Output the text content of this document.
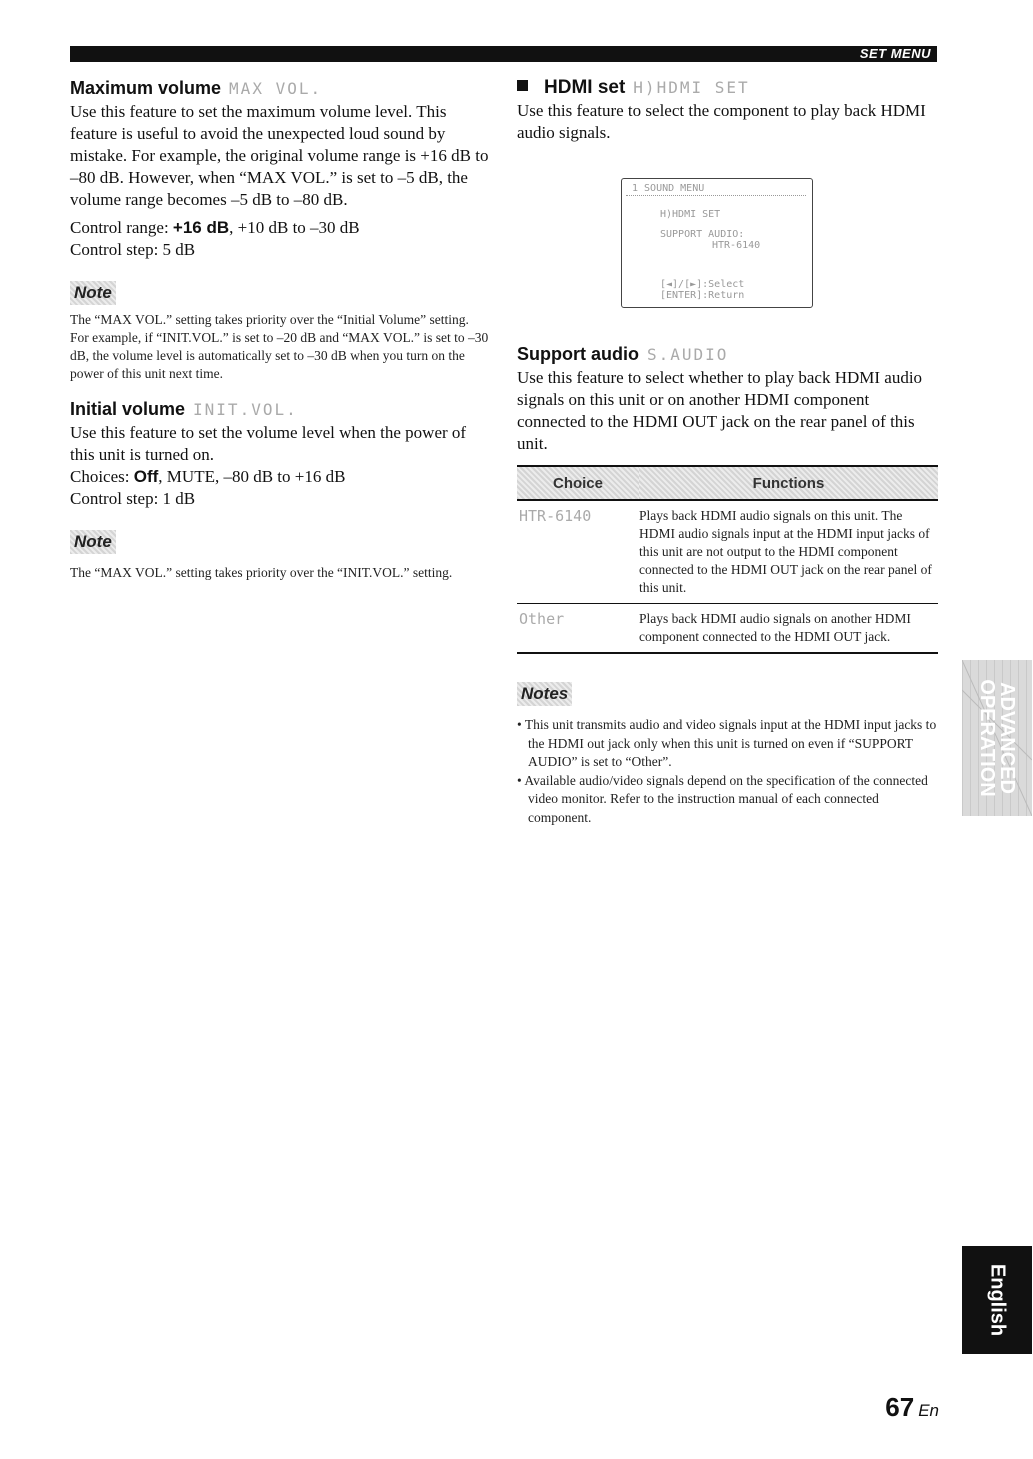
SET MENU
Maximum volume MAX VOL.

Use this feature to set the maximum volume level. This feature is useful to avoid the unexpected loud sound by mistake. For example, the original volume range is +16 dB to –80 dB. However, when “MAX VOL.” is set to –5 dB, the volume range becomes –5 dB to –80 dB.

Control range: +16 dB, +10 dB to –30 dB

Control step: 5 dB

Note

The “MAX VOL.” setting takes priority over the “Initial Volume” setting. For example, if “INIT.VOL.” is set to –20 dB and “MAX VOL.” is set to –30 dB, the volume level is automatically set to –30 dB when you turn on the power of this unit next time.

Initial volume INIT.VOL.

Use this feature to set the volume level when the power of this unit is turned on.

Choices: Off, MUTE, –80 dB to +16 dB

Control step: 1 dB

Note

The “MAX VOL.” setting takes priority over the “INIT.VOL.” setting.

HDMI set H)HDMI SET

Use this feature to select the component to play back HDMI audio signals.

1 SOUND MENU
H)HDMI SET
SUPPORT AUDIO:
HTR-6140
[◄]/[►]:Select
[ENTER]:Return
Support audio S.AUDIO

Use this feature to select whether to play back HDMI audio signals on this unit or on another HDMI component connected to the HDMI OUT jack on the rear panel of this unit.

Choice	Functions
HTR-6140	Plays back HDMI audio signals on this unit. The HDMI audio signals input at the HDMI input jacks of this unit are not output to the HDMI component connected to the HDMI OUT jack on the rear panel of this unit.
Other	Plays back HDMI audio signals on another HDMI component connected to the HDMI OUT jack.
Notes
• This unit transmits audio and video signals input at the HDMI input jacks to the HDMI out jack only when this unit is turned on even if “SUPPORT AUDIO” is set to “Other”.
• Available audio/video signals depend on the specification of the connected video monitor. Refer to the instruction manual of each connected component.
ADVANCED
OPERATION
English
67 En
